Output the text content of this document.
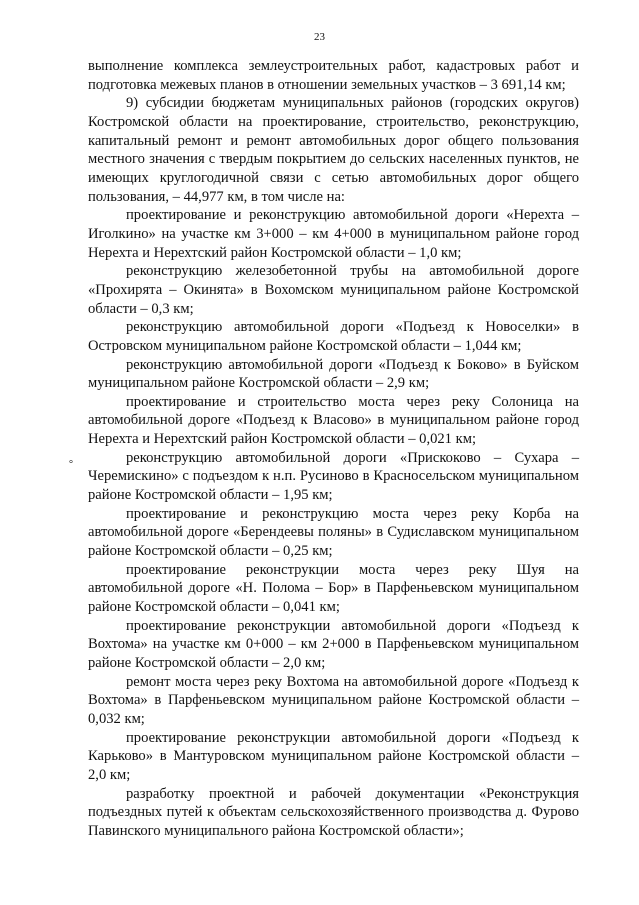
23
°

выполнение комплекса землеустроительных работ, кадастровых работ и подготовка межевых планов в отношении земельных участков – 3 691,14 км;

9) субсидии бюджетам муниципальных районов (городских округов) Костромской области на проектирование, строительство, реконструкцию, капитальный ремонт и ремонт автомобильных дорог общего пользования местного значения с твердым покрытием до сельских населенных пунктов, не имеющих круглогодичной связи с сетью автомобильных дорог общего пользования, – 44,977 км, в том числе на:

проектирование и реконструкцию автомобильной дороги «Нерехта – Иголкино» на участке км 3+000 – км 4+000 в муниципальном районе город Нерехта и Нерехтский район Костромской области – 1,0 км;

реконструкцию железобетонной трубы на автомобильной дороге «Прохирята – Окинята» в Вохомском муниципальном районе Костромской области – 0,3 км;

реконструкцию автомобильной дороги «Подъезд к Новоселки» в Островском муниципальном районе Костромской области – 1,044 км;

реконструкцию автомобильной дороги «Подъезд к Боково» в Буйском муниципальном районе Костромской области – 2,9 км;

проектирование и строительство моста через реку Солоница на автомобильной дороге «Подъезд к Власово» в муниципальном районе город Нерехта и Нерехтский район Костромской области – 0,021 км;

реконструкцию автомобильной дороги «Прискоково – Сухара – Черемискино» с подъездом к н.п. Русиново в Красносельском муниципальном районе Костромской области – 1,95 км;

проектирование и реконструкцию моста через реку Корба на автомобильной дороге «Берендеевы поляны» в Судиславском муниципальном районе Костромской области – 0,25 км;

проектирование реконструкции моста через реку Шуя на автомобильной дороге «Н. Полома – Бор» в Парфеньевском муниципальном районе Костромской области – 0,041 км;

проектирование реконструкции автомобильной дороги «Подъезд к Вохтома» на участке км 0+000 – км 2+000 в Парфеньевском муниципальном районе Костромской области – 2,0 км;

ремонт моста через реку Вохтома на автомобильной дороге «Подъезд к Вохтома» в Парфеньевском муниципальном районе Костромской области – 0,032 км;

проектирование реконструкции автомобильной дороги «Подъезд к Карьково» в Мантуровском муниципальном районе Костромской области – 2,0 км;

разработку проектной и рабочей документации «Реконструкция подъездных путей к объектам сельскохозяйственного производства д. Фурово Павинского муниципального района Костромской области»;
